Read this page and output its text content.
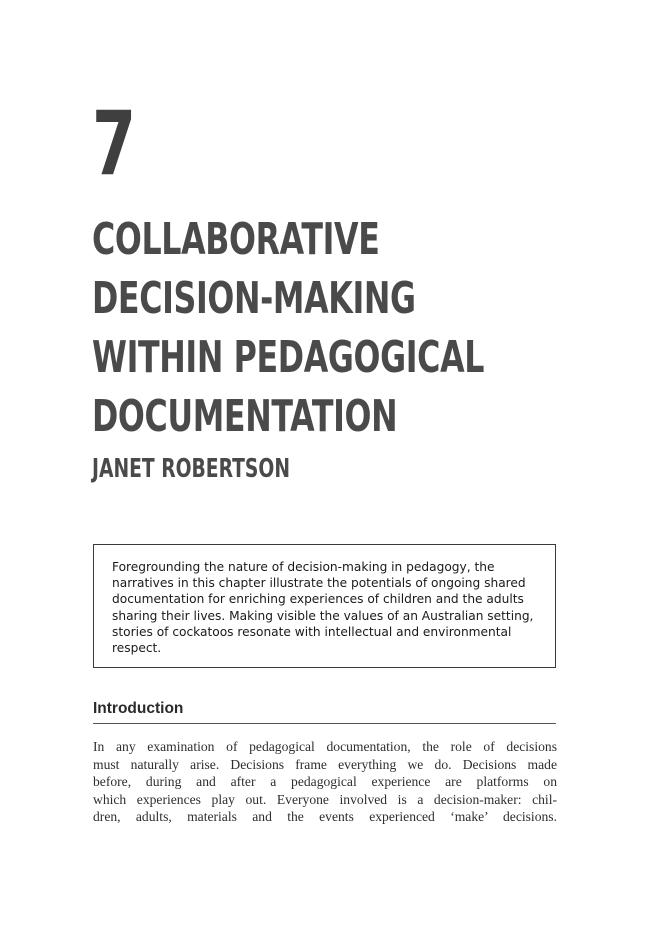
7
COLLABORATIVE
DECISION-MAKING
WITHIN PEDAGOGICAL
DOCUMENTATION
JANET ROBERTSON

Foregrounding the nature of decision-making in pedagogy, the narratives in this chapter illustrate the potentials of ongoing shared documentation for enriching experiences of children and the adults sharing their lives. Making visible the values of an Australian setting, stories of cockatoos resonate with intellectual and environmental respect.

Introduction
In any examination of pedagogical documentation, the role of decisions
must naturally arise. Decisions frame everything we do. Decisions made
before, during and after a pedagogical experience are platforms on
which experiences play out. Everyone involved is a decision-maker: chil-
dren, adults, materials and the events experienced ‘make’ decisions.
